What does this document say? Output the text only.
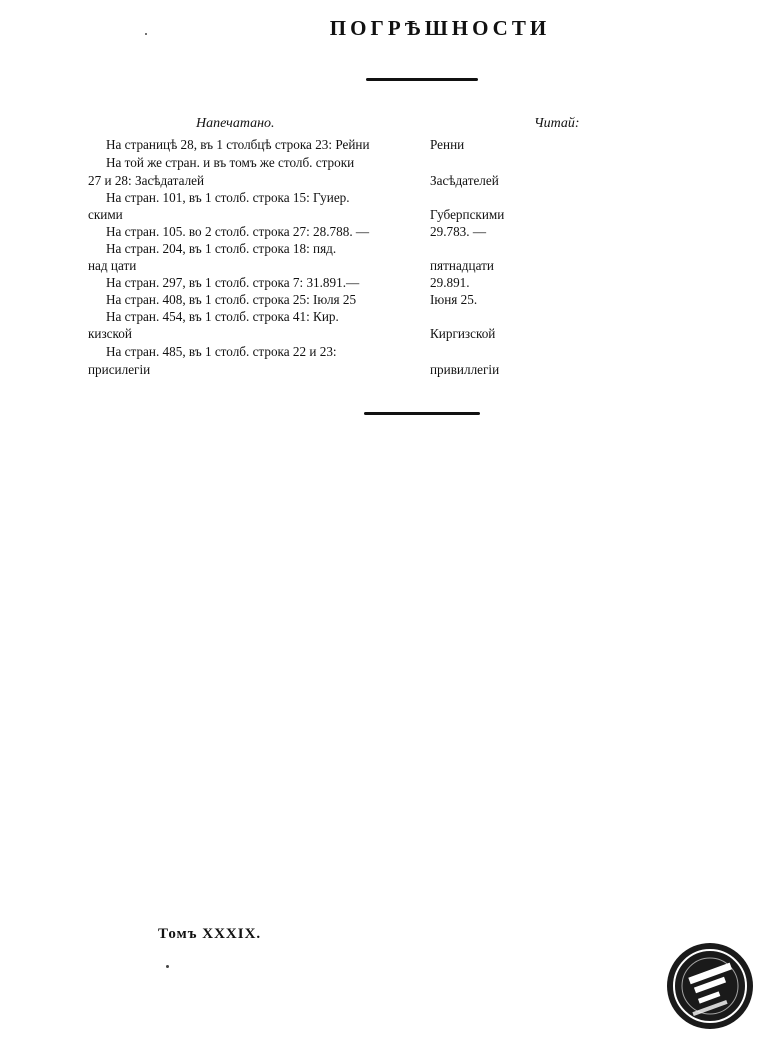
ПОГРѢШНОСТИ
Напечатано.	Читай:
На страницѣ 28, въ 1 столбцѣ строка 23: Рейни	Ренни
На той же стран. и въ томъ же столб. строки
27 и 28: Засѣдаталей	Засѣдателей
На стран. 101, въ 1 столб. строка 15: Гуиер.
скими	Губерпскими
На стран. 105. во 2 столб. строка 27: 28.788. —	29.783. —
На стран. 204, въ 1 столб. строка 18: пяд.
над цати	пятнадцати
На стран. 297, въ 1 столб. строка 7: 31.891.—	29.891.
На стран. 408, въ 1 столб. строка 25: Iюля 25	Iюня 25.
На стран. 454, въ 1 столб. строка 41: Кир.
кизской	Киргизской
На стран. 485, въ 1 столб. строка 22 и 23:
присилегiи	привиллегiи
Томъ XXXIX.
